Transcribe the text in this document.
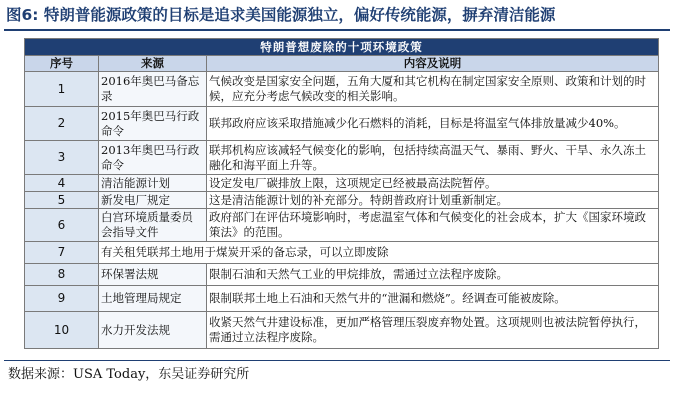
图6: 特朗普能源政策的目标是追求美国能源独立，偏好传统能源，摒弃清洁能源
特朗普想废除的十项环境政策		
序号	来源	内容及说明
1	2016年奥巴马备忘录	气候改变是国家安全问题，五角大厦和其它机构在制定国家安全原则、政策和计划的时候，应充分考虑气候改变的相关影响。
2	2015年奥巴马行政命令	联邦政府应该采取措施减少化石燃料的消耗，目标是将温室气体排放量减少40%。
3	2013年奥巴马行政命令	联邦机构应该减轻气候变化的影响，包括持续高温天气、暴雨、野火、干旱、永久冻土融化和海平面上升等。
4	清洁能源计划	设定发电厂碳排放上限，这项规定已经被最高法院暂停。
5	新发电厂规定	这是清洁能源计划的补充部分。特朗普政府计划重新制定。
6	白宫环境质量委员会指导文件	政府部门在评估环境影响时，考虑温室气体和气候变化的社会成本，扩大《国家环境政策法》的范围。
7	有关租凭联邦土地用于煤炭开采的备忘录，可以立即废除	
8	环保署法规	限制石油和天然气工业的甲烷排放，需通过立法程序废除。
9	土地管理局规定	限制联邦土地上石油和天然气井的“泄漏和燃烧”。经调查可能被废除。
10	水力开发法规	收紧天然气井建设标准，更加严格管理压裂废弃物处置。这项规则也被法院暂停执行，需通过立法程序废除。
数据来源：USA Today，东吴证券研究所
